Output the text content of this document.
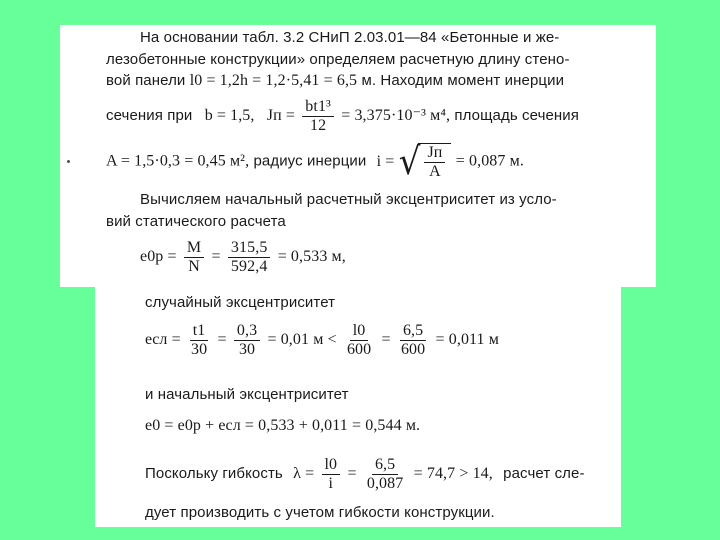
На основании табл. 3.2 СНиП 2.03.01—84 «Бетонные и же-
лезобетонные конструкции» определяем расчетную длину стено-
вой панели l0 = 1,2h = 1,2·5,41 = 6,5 м. Находим момент инерции
сечения при b = 1,5, Jп = $\frac{\text{bt1³}}{12} = 3,375\cdot 10^{-3}$ м⁴, площадь сечения
A = 1,5·0,3 = 0,45 м², радиус инерции i = √ $\frac{Jп}{A} = 0,087$ м.
Вычисляем начальный расчетный эксцентриситет из усло-
вий статического расчета
$e0p = \frac{M}{N} = \frac{315,5}{592,4} = 0,533$ м,
случайный эксцентриситет
eсл = $\frac{t1}{30} = \frac{0,3}{30} = 0,01$ $м < \frac{l0}{600} = \frac{6,5}{600} = 0,011$ м
и начальный эксцентриситет
e0 = e0p + eсл = 0,533 + 0,011 = 0,544 м.
Поскольку гибкость $\lambda = \frac{l0}{i} = \frac{6,5}{0,087} = 74,7 > 14$, расчет сле-
дует производить с учетом гибкости конструкции.
